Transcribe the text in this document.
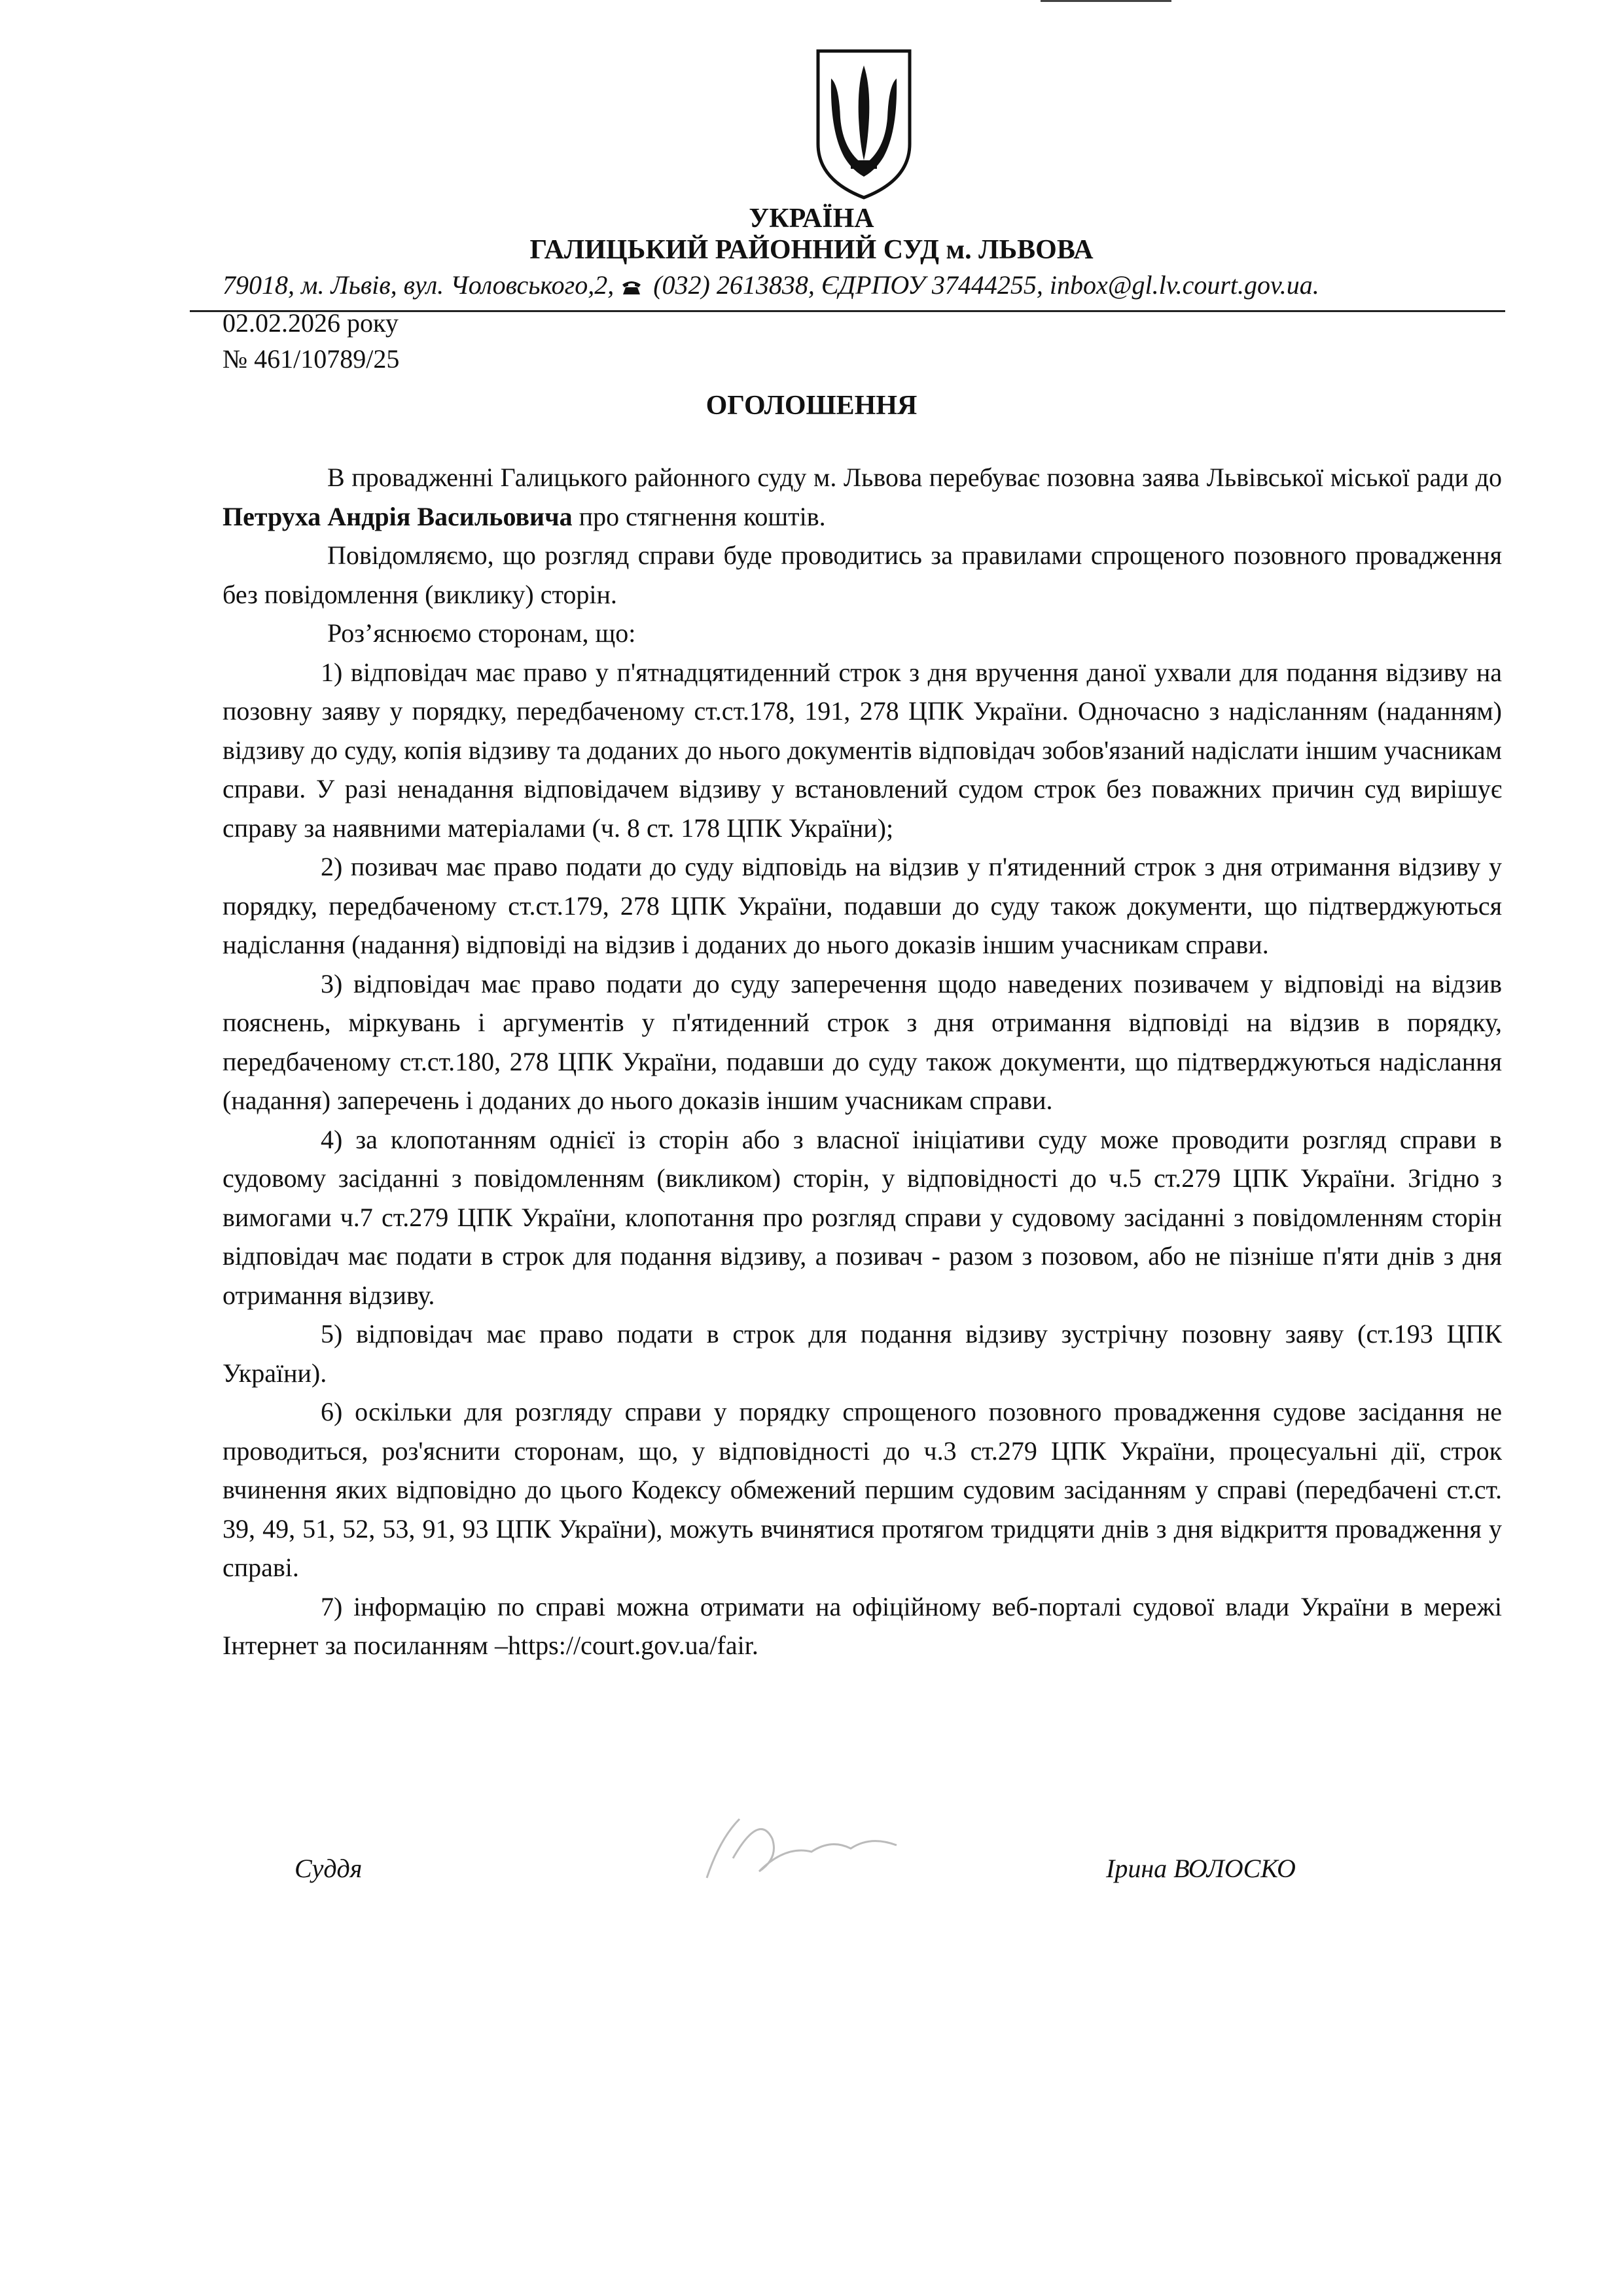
УКРАЇНА
ГАЛИЦЬКИЙ РАЙОННИЙ СУД м. ЛЬВОВА
79018, м. Львів, вул. Чоловського,2, (032) 2613838, ЄДРПОУ 37444255, inbox@gl.lv.court.gov.ua.
02.02.2026 року
№ 461/10789/25
ОГОЛОШЕННЯ

В провадженні Галицького районного суду м. Львова перебуває позовна заява Львівської міської ради до Петруха Андрія Васильовича про стягнення коштів.

Повідомляємо, що розгляд справи буде проводитись за правилами спрощеного позовного провадження без повідомлення (виклику) сторін.

Роз’яснюємо сторонам, що:

1) відповідач має право у п'ятнадцятиденний строк з дня вручення даної ухвали для подання відзиву на позовну заяву у порядку, передбаченому ст.ст.178, 191, 278 ЦПК України. Одночасно з надісланням (наданням) відзиву до суду, копія відзиву та доданих до нього документів відповідач зобов'язаний надіслати іншим учасникам справи. У разі ненадання відповідачем відзиву у встановлений судом строк без поважних причин суд вирішує справу за наявними матеріалами (ч. 8 ст. 178 ЦПК України);

2) позивач має право подати до суду відповідь на відзив у п'ятиденний строк з дня отримання відзиву у порядку, передбаченому ст.ст.179, 278 ЦПК України, подавши до суду також документи, що підтверджуються надіслання (надання) відповіді на відзив і доданих до нього доказів іншим учасникам справи.

3) відповідач має право подати до суду заперечення щодо наведених позивачем у відповіді на відзив пояснень, міркувань і аргументів у п'ятиденний строк з дня отримання відповіді на відзив в порядку, передбаченому ст.ст.180, 278 ЦПК України, подавши до суду також документи, що підтверджуються надіслання (надання) заперечень і доданих до нього доказів іншим учасникам справи.

4) за клопотанням однієї із сторін або з власної ініціативи суду може проводити розгляд справи в судовому засіданні з повідомленням (викликом) сторін, у відповідності до ч.5 ст.279 ЦПК України. Згідно з вимогами ч.7 ст.279 ЦПК України, клопотання про розгляд справи у судовому засіданні з повідомленням сторін відповідач має подати в строк для подання відзиву, а позивач - разом з позовом, або не пізніше п'яти днів з дня отримання відзиву.

5) відповідач має право подати в строк для подання відзиву зустрічну позовну заяву (ст.193 ЦПК України).

6) оскільки для розгляду справи у порядку спрощеного позовного провадження судове засідання не проводиться, роз'яснити сторонам, що, у відповідності до ч.3 ст.279 ЦПК України, процесуальні дії, строк вчинення яких відповідно до цього Кодексу обмежений першим судовим засіданням у справі (передбачені ст.ст. 39, 49, 51, 52, 53, 91, 93 ЦПК України), можуть вчинятися протягом тридцяти днів з дня відкриття провадження у справі.

7) інформацію по справі можна отримати на офіційному веб-порталі судової влади України в мережі Інтернет за посиланням –https://court.gov.ua/fair.

Суддя	Ірина ВОЛОСКО
